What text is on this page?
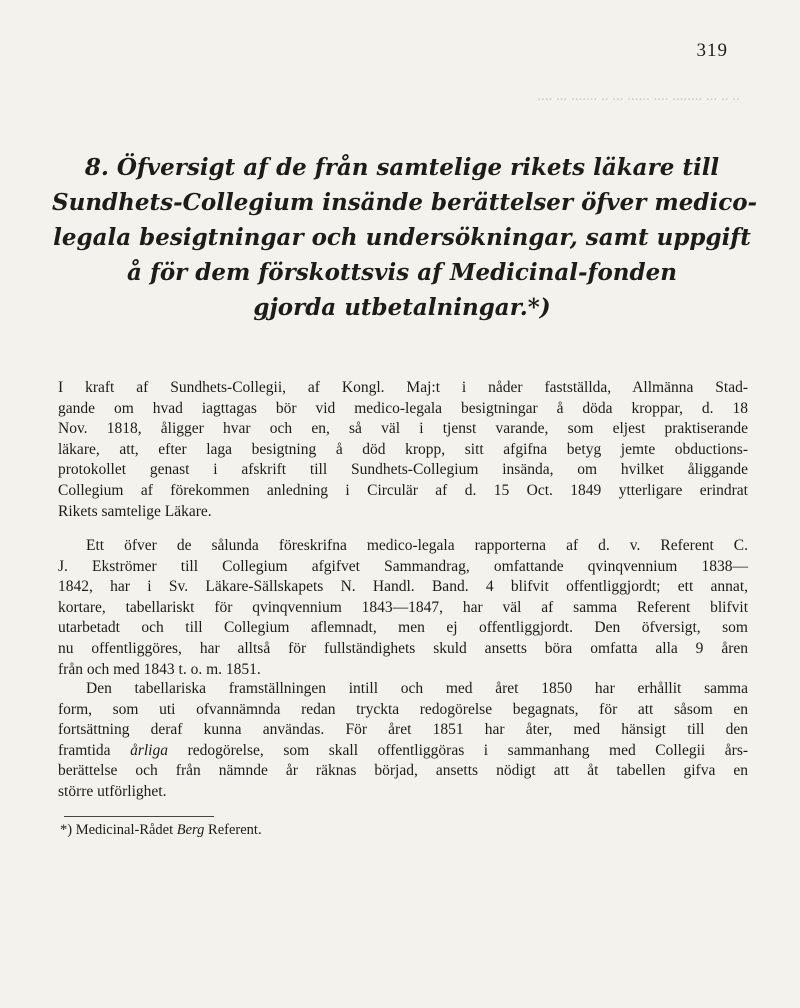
319
·· ·· ··· ········ ···· ······ ··· ·· ······· ··· ····
8. Öfversigt af de från samtelige rikets läkare till
Sundhets-Collegium insände berättelser öfver medico-
legala besigtningar och undersökningar, samt uppgift
å för dem förskottsvis af Medicinal-fonden
gjorda utbetalningar.*)
I kraft af Sundhets-Collegii, af Kongl. Maj:t i nåder fastställda, Allmänna Stad-
gande om hvad iagttagas bör vid medico-legala besigtningar å döda kroppar, d. 18
Nov. 1818, åligger hvar och en, så väl i tjenst varande, som eljest praktiserande
läkare, att, efter laga besigtning å död kropp, sitt afgifna betyg jemte obductions-
protokollet genast i afskrift till Sundhets-Collegium insända, om hvilket åliggande
Collegium af förekommen anledning i Circulär af d. 15 Oct. 1849 ytterligare erindrat
Rikets samtelige Läkare.
Ett öfver de sålunda föreskrifna medico-legala rapporterna af d. v. Referent C.
J. Ekströmer till Collegium afgifvet Sammandrag, omfattande qvinqvennium 1838—
1842, har i Sv. Läkare-Sällskapets N. Handl. Band. 4 blifvit offentliggjordt; ett annat,
kortare, tabellariskt för qvinqvennium 1843—1847, har väl af samma Referent blifvit
utarbetadt och till Collegium aflemnadt, men ej offentliggjordt. Den öfversigt, som
nu offentliggöres, har alltså för fullständighets skuld ansetts böra omfatta alla 9 åren
från och med 1843 t. o. m. 1851.
Den tabellariska framställningen intill och med året 1850 har erhållit samma
form, som uti ofvannämnda redan tryckta redogörelse begagnats, för att såsom en
fortsättning deraf kunna användas. För året 1851 har åter, med hänsigt till den
framtida årliga redogörelse, som skall offentliggöras i sammanhang med Collegii års-
berättelse och från nämnde år räknas börjad, ansetts nödigt att åt tabellen gifva en
större utförlighet.
*) Medicinal-Rådet Berg Referent.
